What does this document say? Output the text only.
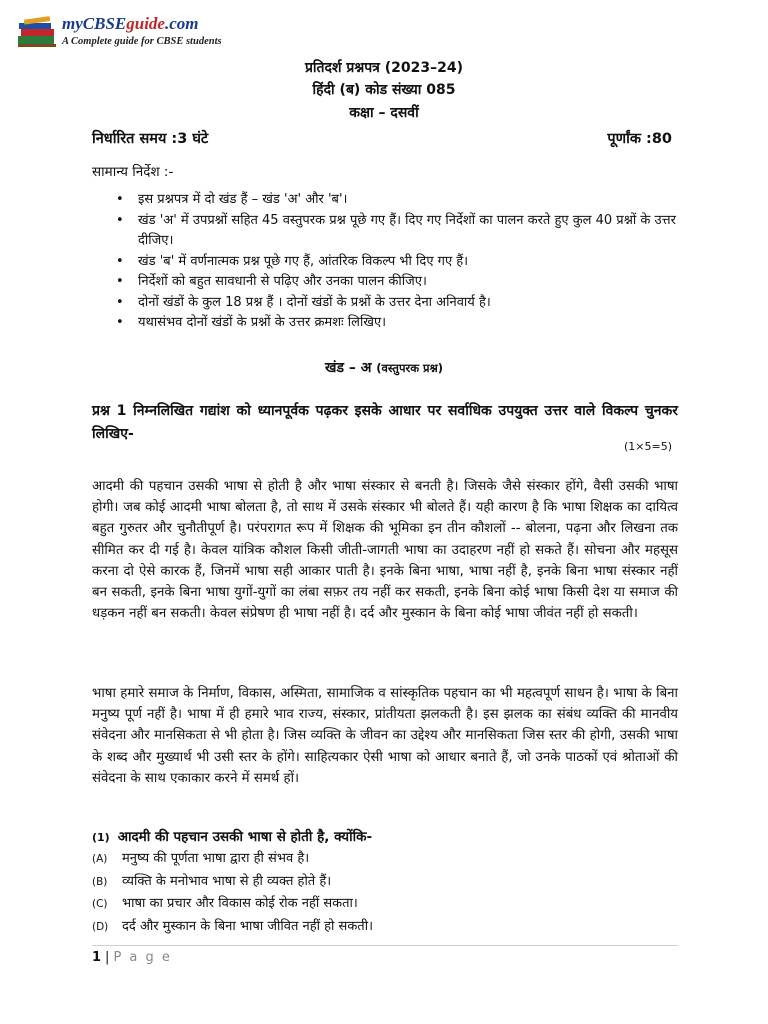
myCBSEguide.com
A Complete guide for CBSE students
प्रतिदर्श प्रश्नपत्र (2023–24)
हिंदी (ब) कोड संख्या 085
कक्षा – दसवीं
निर्धारित समय :3 घंटे	पूर्णांक :80
सामान्य निर्देश :-
• इस प्रश्नपत्र में दो खंड हैं – खंड 'अ' और 'ब'।
• खंड 'अ' में उपप्रश्नों सहित 45 वस्तुपरक प्रश्न पूछे गए हैं। दिए गए निर्देशों का पालन करते हुए कुल 40 प्रश्नों के उत्तर दीजिए।
• खंड 'ब' में वर्णनात्मक प्रश्न पूछे गए हैं, आंतरिक विकल्प भी दिए गए हैं।
• निर्देशों को बहुत सावधानी से पढ़िए और उनका पालन कीजिए।
• दोनों खंडों के कुल 18 प्रश्न हैं । दोनों खंडों के प्रश्नों के उत्तर देना अनिवार्य है।
• यथासंभव दोनों खंडों के प्रश्नों के उत्तर क्रमशः लिखिए।
खंड – अ (वस्तुपरक प्रश्न)
प्रश्न 1 निम्नलिखित गद्यांश को ध्यानपूर्वक पढ़कर इसके आधार पर सर्वाधिक उपयुक्त उत्तर वाले विकल्प चुनकर लिखिए-
(1×5=5)

आदमी की पहचान उसकी भाषा से होती है और भाषा संस्कार से बनती है। जिसके जैसे संस्कार होंगे, वैसी उसकी भाषा होगी। जब कोई आदमी भाषा बोलता है, तो साथ में उसके संस्कार भी बोलते हैं। यही कारण है कि भाषा शिक्षक का दायित्व बहुत गुरुतर और चुनौतीपूर्ण है। परंपरागत रूप में शिक्षक की भूमिका इन तीन कौशलों -- बोलना, पढ़ना और लिखना तक सीमित कर दी गई है। केवल यांत्रिक कौशल किसी जीती-जागती भाषा का उदाहरण नहीं हो सकते हैं। सोचना और महसूस करना दो ऐसे कारक हैं, जिनमें भाषा सही आकार पाती है। इनके बिना भाषा, भाषा नहीं है, इनके बिना भाषा संस्कार नहीं बन सकती, इनके बिना भाषा युगों-युगों का लंबा सफ़र तय नहीं कर सकती, इनके बिना कोई भाषा किसी देश या समाज की धड़कन नहीं बन सकती। केवल संप्रेषण ही भाषा नहीं है। दर्द और मुस्कान के बिना कोई भाषा जीवंत नहीं हो सकती।

भाषा हमारे समाज के निर्माण, विकास, अस्मिता, सामाजिक व सांस्कृतिक पहचान का भी महत्वपूर्ण साधन है। भाषा के बिना मनुष्य पूर्ण नहीं है। भाषा में ही हमारे भाव राज्य, संस्कार, प्रांतीयता झलकती है। इस झलक का संबंध व्यक्ति की मानवीय संवेदना और मानसिकता से भी होता है। जिस व्यक्ति के जीवन का उद्देश्य और मानसिकता जिस स्तर की होगी, उसकी भाषा के शब्द और मुख्यार्थ भी उसी स्तर के होंगे। साहित्यकार ऐसी भाषा को आधार बनाते हैं, जो उनके पाठकों एवं श्रोताओं की संवेदना के साथ एकाकार करने में समर्थ हों।

(1) आदमी की पहचान उसकी भाषा से होती है, क्योंकि-
(A) मनुष्य की पूर्णता भाषा द्वारा ही संभव है।
(B) व्यक्ति के मनोभाव भाषा से ही व्यक्त होते हैं।
(C) भाषा का प्रचार और विकास कोई रोक नहीं सकता।
(D) दर्द और मुस्कान के बिना भाषा जीवित नहीं हो सकती।
1 | P a g e
